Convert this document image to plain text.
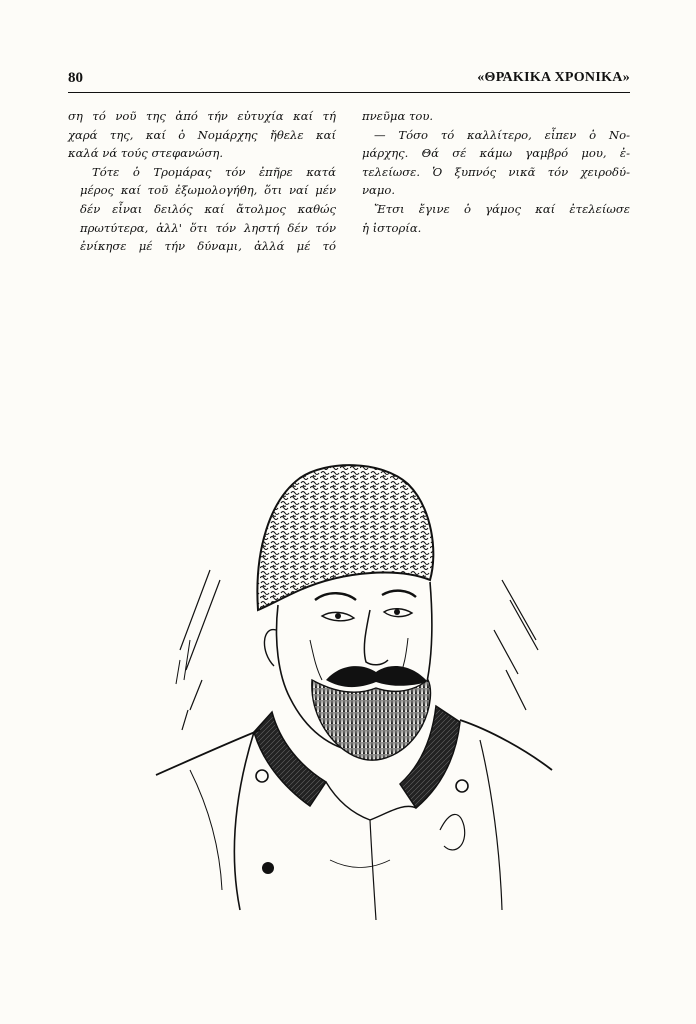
80	«ΘΡΑΚΙΚΑ ΧΡΟΝΙΚΑ»

ση τό νοῦ της ἀπό τήν εὐτυχία καί τή
χαρά της, καί ὁ Νομάρχης ἤθελε καί
καλά νά τούς στεφανώση.

Τότε ὁ Τρομάρας τόν ἐπῆρε κατά
μέρος καί τοῦ ἐξωμολογήθη, ὅτι ναί μέν
δέν εἶναι δειλός καί ἄτολμος καθώς
πρωτύτερα, ἀλλ' ὅτι τόν ληστή δέν τόν
ἐνίκησε μέ τήν δύναμι, ἀλλά μέ τό

πνεῦμα του.

— Τόσο τό καλλίτερο, εἶπεν ὁ Νο-
μάρχης. Θά σέ κάμω γαμβρό μου, ἐ-
τελείωσε. Ὁ ξυπνός νικᾶ τόν χειροδύ-
ναμο.

Ἔτσι ἔγινε ὁ γάμος καί ἐτελείωσε
ἡ ἱστορία.
